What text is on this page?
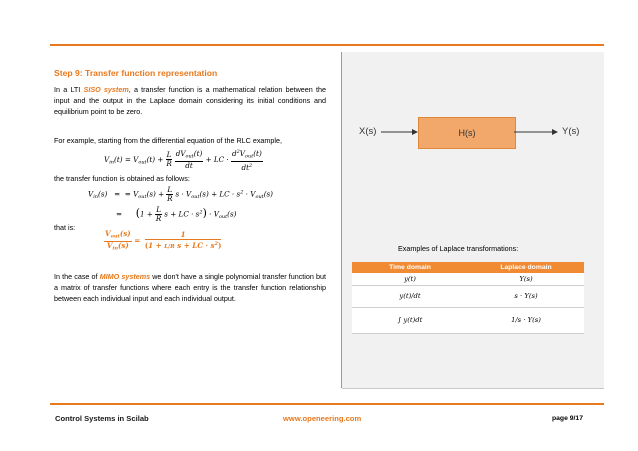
Step 9: Transfer function representation
In a LTI SISO system, a transfer function is a mathematical relation between the input and the output in the Laplace domain considering its initial conditions and equilibrium point to be zero.
For example, starting from the differential equation of the RLC example,
$V_{in}(t) = V_{out}(t) + \frac{L}{R}$
$\frac{dV_{out}(t)}{dt}$ + LC · $\frac{d^2V_{out}(t)}{dt^2}$
the transfer function is obtained as follows:
$V_{in}(s)$   =  = $V_{out}(s) + \frac{L}{R}$ $s \cdot V_{out}(s)$ + LC · $s^2 \cdot V_{out}(s)$
=      ($1 + \frac{L}{R}$ s + LC · $s^2) \cdot V_{out}(s)$
that is:
$\frac{V_{out}(s)}{V_{in}(s)} = \frac{1}{(1 + L/R s + LC \cdot s^2)}$
In the case of MIMO systems we don't have a single polynomial transfer function but a matrix of transfer functions where each entry is the transfer function relationship between each individual input and each individual output.
X(s)	H(s)	Y(s)
Examples of Laplace transformations:
Time domain	Laplace domain
y(t)	Y(s)
y(t)/dt	s · Y(s)
∫ y(t)dt	1/s · Y(s)
Control Systems in Scilab	www.openeering.com	page 9/17
